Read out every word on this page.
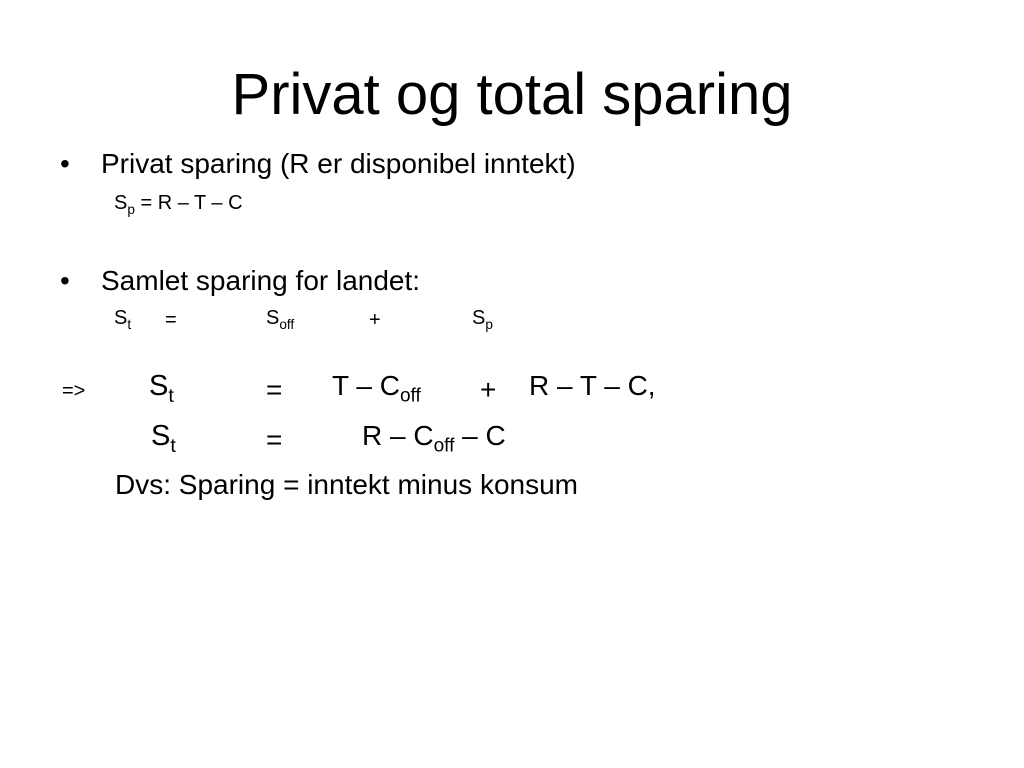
Privat og total sparing
• Privat sparing (R er disponibel inntekt)
$S_p = R - T - C$
• Samlet sparing for landet:
$S_t$ =	$S_{off}$	+	$S_p$
=> $S_t$	= $T - C_{off} + R - T - C$,
$S_t$	=	R – $C_{off}$ – C
Dvs: Sparing = inntekt minus konsum
